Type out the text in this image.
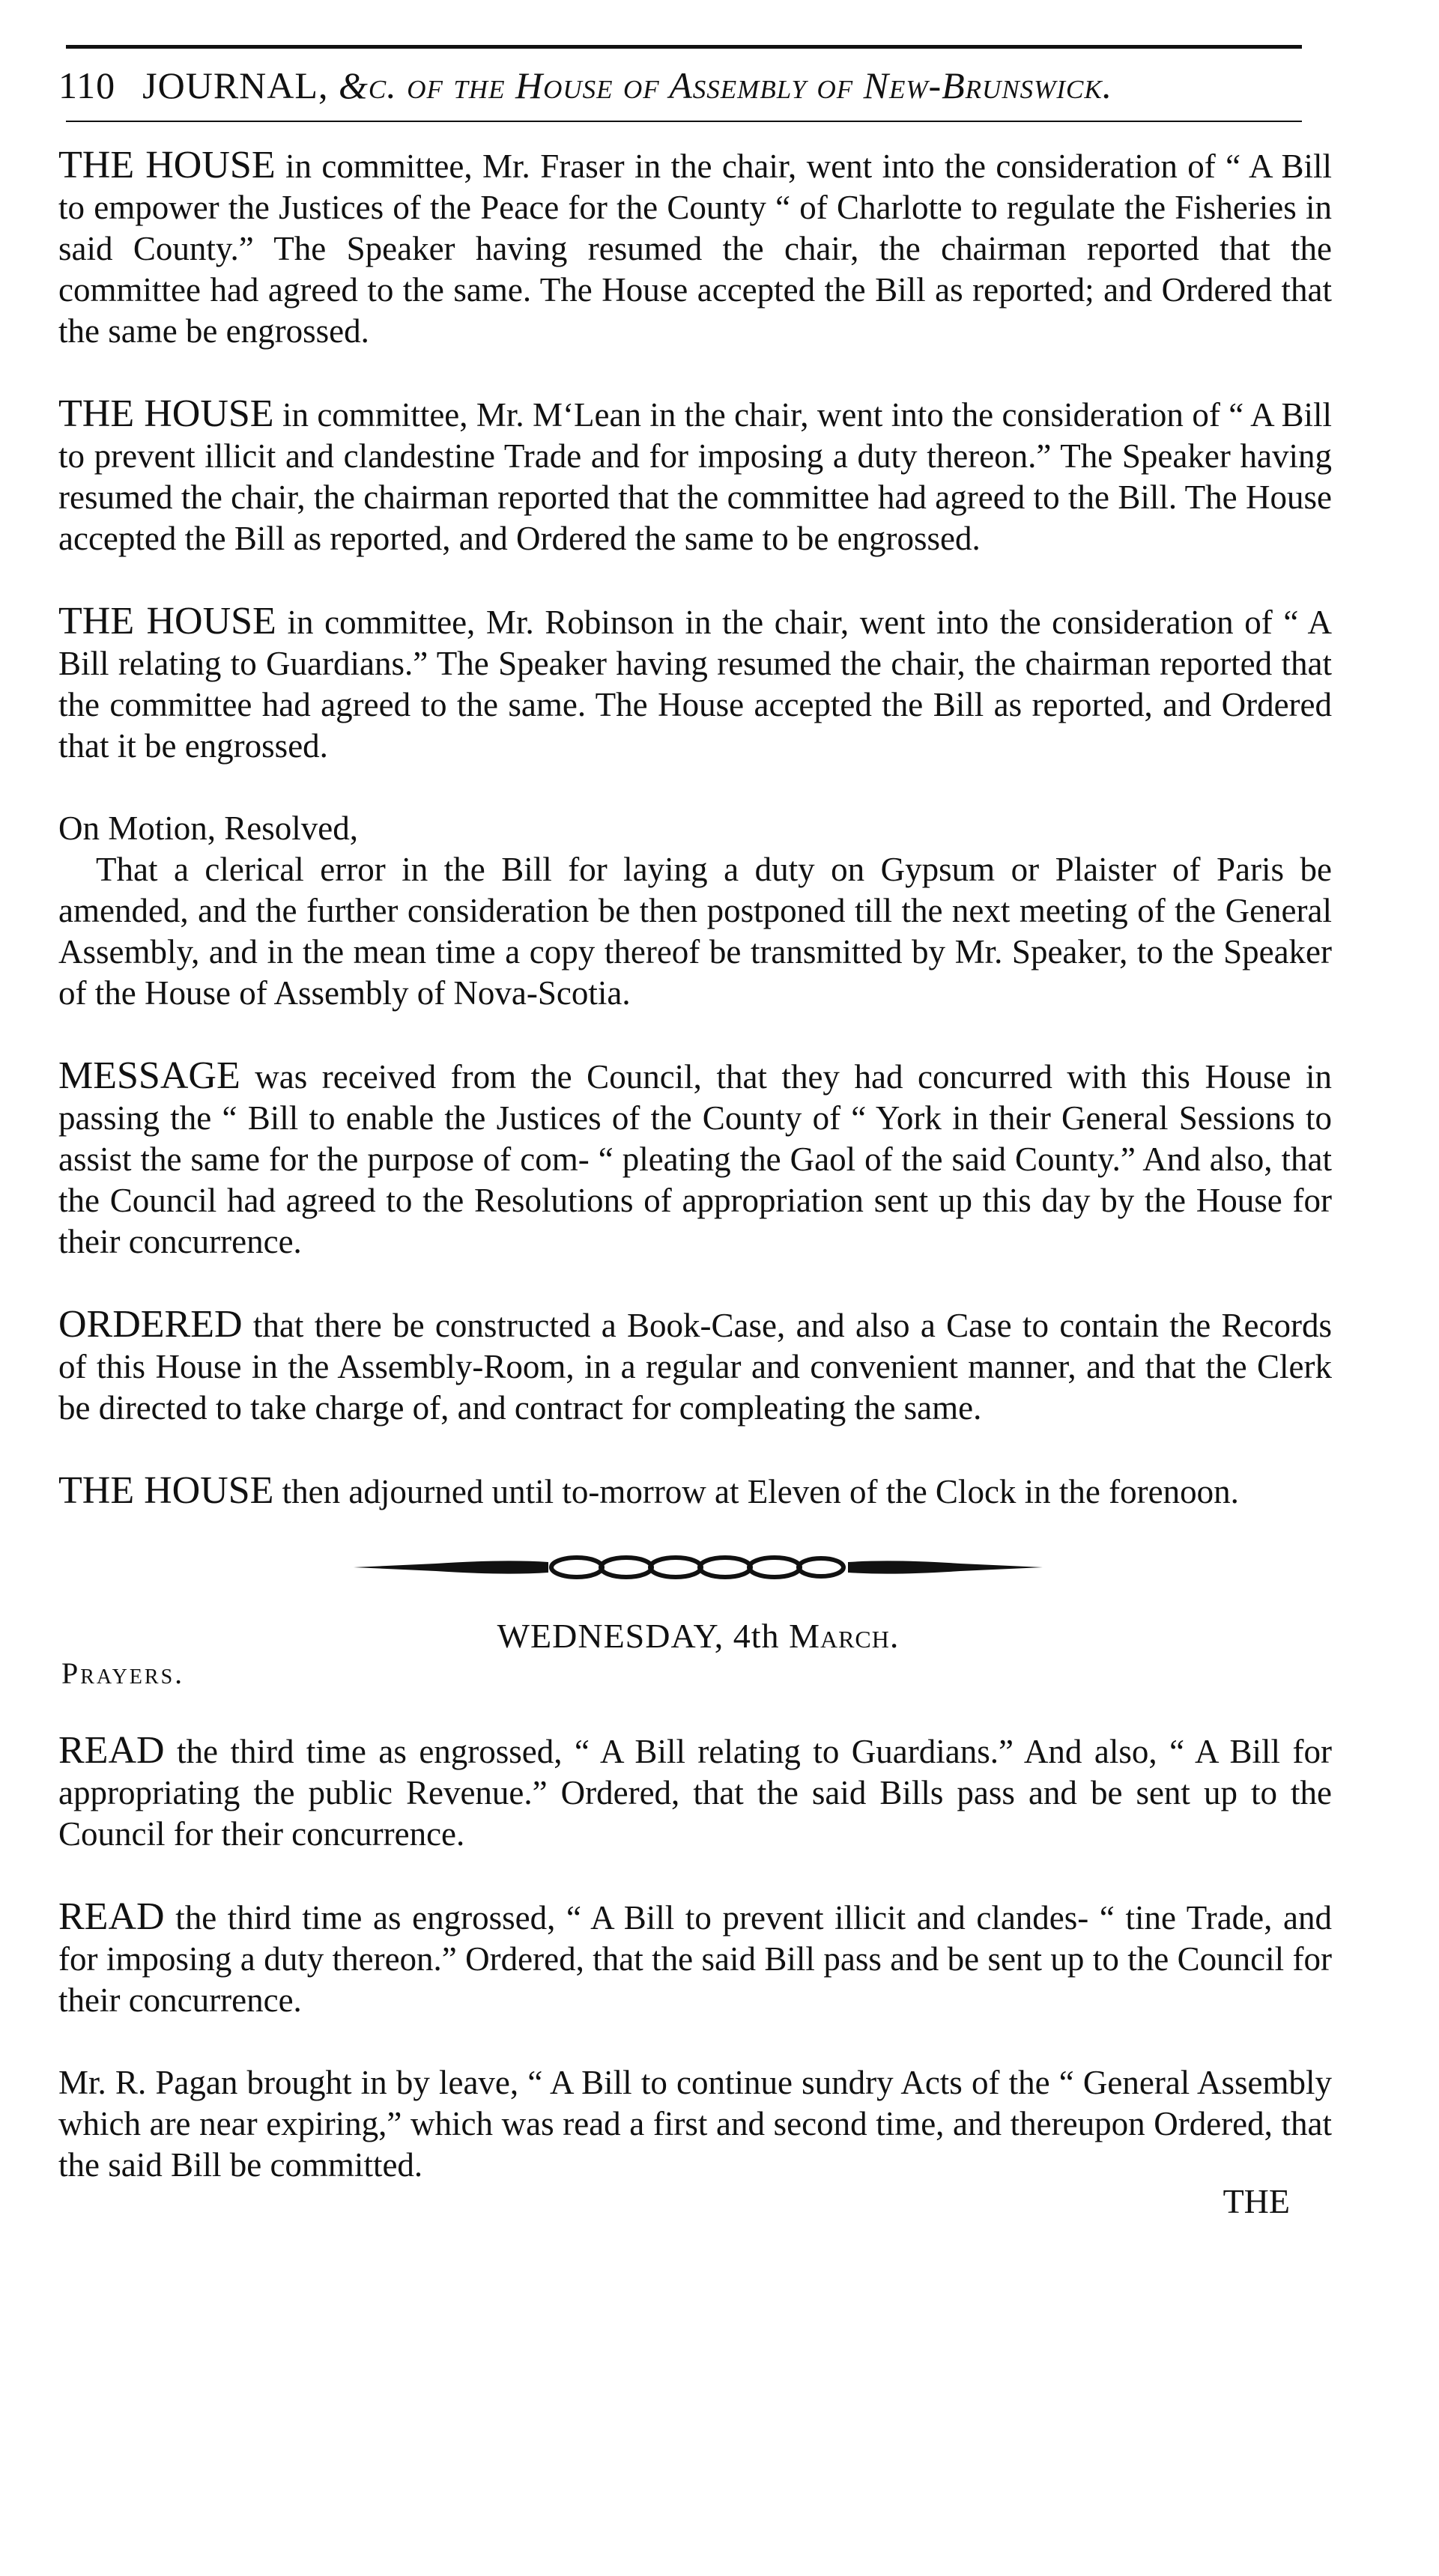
110 JOURNAL, &c. of the House of Assembly of New-Brunswick.

THE HOUSE in committee, Mr. Fraser in the chair, went into the consideration of “ A Bill to empower the Justices of the Peace for the County “ of Charlotte to regulate the Fisheries in said County.” The Speaker having resumed the chair, the chairman reported that the committee had agreed to the same. The House accepted the Bill as reported; and Ordered that the same be engrossed.

THE HOUSE in committee, Mr. M‘Lean in the chair, went into the consideration of “ A Bill to prevent illicit and clandestine Trade and for imposing a duty thereon.” The Speaker having resumed the chair, the chairman reported that the committee had agreed to the Bill. The House accepted the Bill as reported, and Ordered the same to be engrossed.

THE HOUSE in committee, Mr. Robinson in the chair, went into the consideration of “ A Bill relating to Guardians.” The Speaker having resumed the chair, the chairman reported that the committee had agreed to the same. The House accepted the Bill as reported, and Ordered that it be engrossed.

On Motion, Resolved,

That a clerical error in the Bill for laying a duty on Gypsum or Plaister of Paris be amended, and the further consideration be then postponed till the next meeting of the General Assembly, and in the mean time a copy thereof be transmitted by Mr. Speaker, to the Speaker of the House of Assembly of Nova-Scotia.

MESSAGE was received from the Council, that they had concurred with this House in passing the “ Bill to enable the Justices of the County of “ York in their General Sessions to assist the same for the purpose of com- “ pleating the Gaol of the said County.” And also, that the Council had agreed to the Resolutions of appropriation sent up this day by the House for their concurrence.

ORDERED that there be constructed a Book-Case, and also a Case to contain the Records of this House in the Assembly-Room, in a regular and convenient manner, and that the Clerk be directed to take charge of, and contract for compleating the same.

THE HOUSE then adjourned until to-morrow at Eleven of the Clock in the forenoon.

WEDNESDAY, 4th March.
Prayers.

READ the third time as engrossed, “ A Bill relating to Guardians.” And also, “ A Bill for appropriating the public Revenue.” Ordered, that the said Bills pass and be sent up to the Council for their concurrence.

READ the third time as engrossed, “ A Bill to prevent illicit and clandes- “ tine Trade, and for imposing a duty thereon.” Ordered, that the said Bill pass and be sent up to the Council for their concurrence.

Mr. R. Pagan brought in by leave, “ A Bill to continue sundry Acts of the “ General Assembly which are near expiring,” which was read a first and second time, and thereupon Ordered, that the said Bill be committed.

THE
